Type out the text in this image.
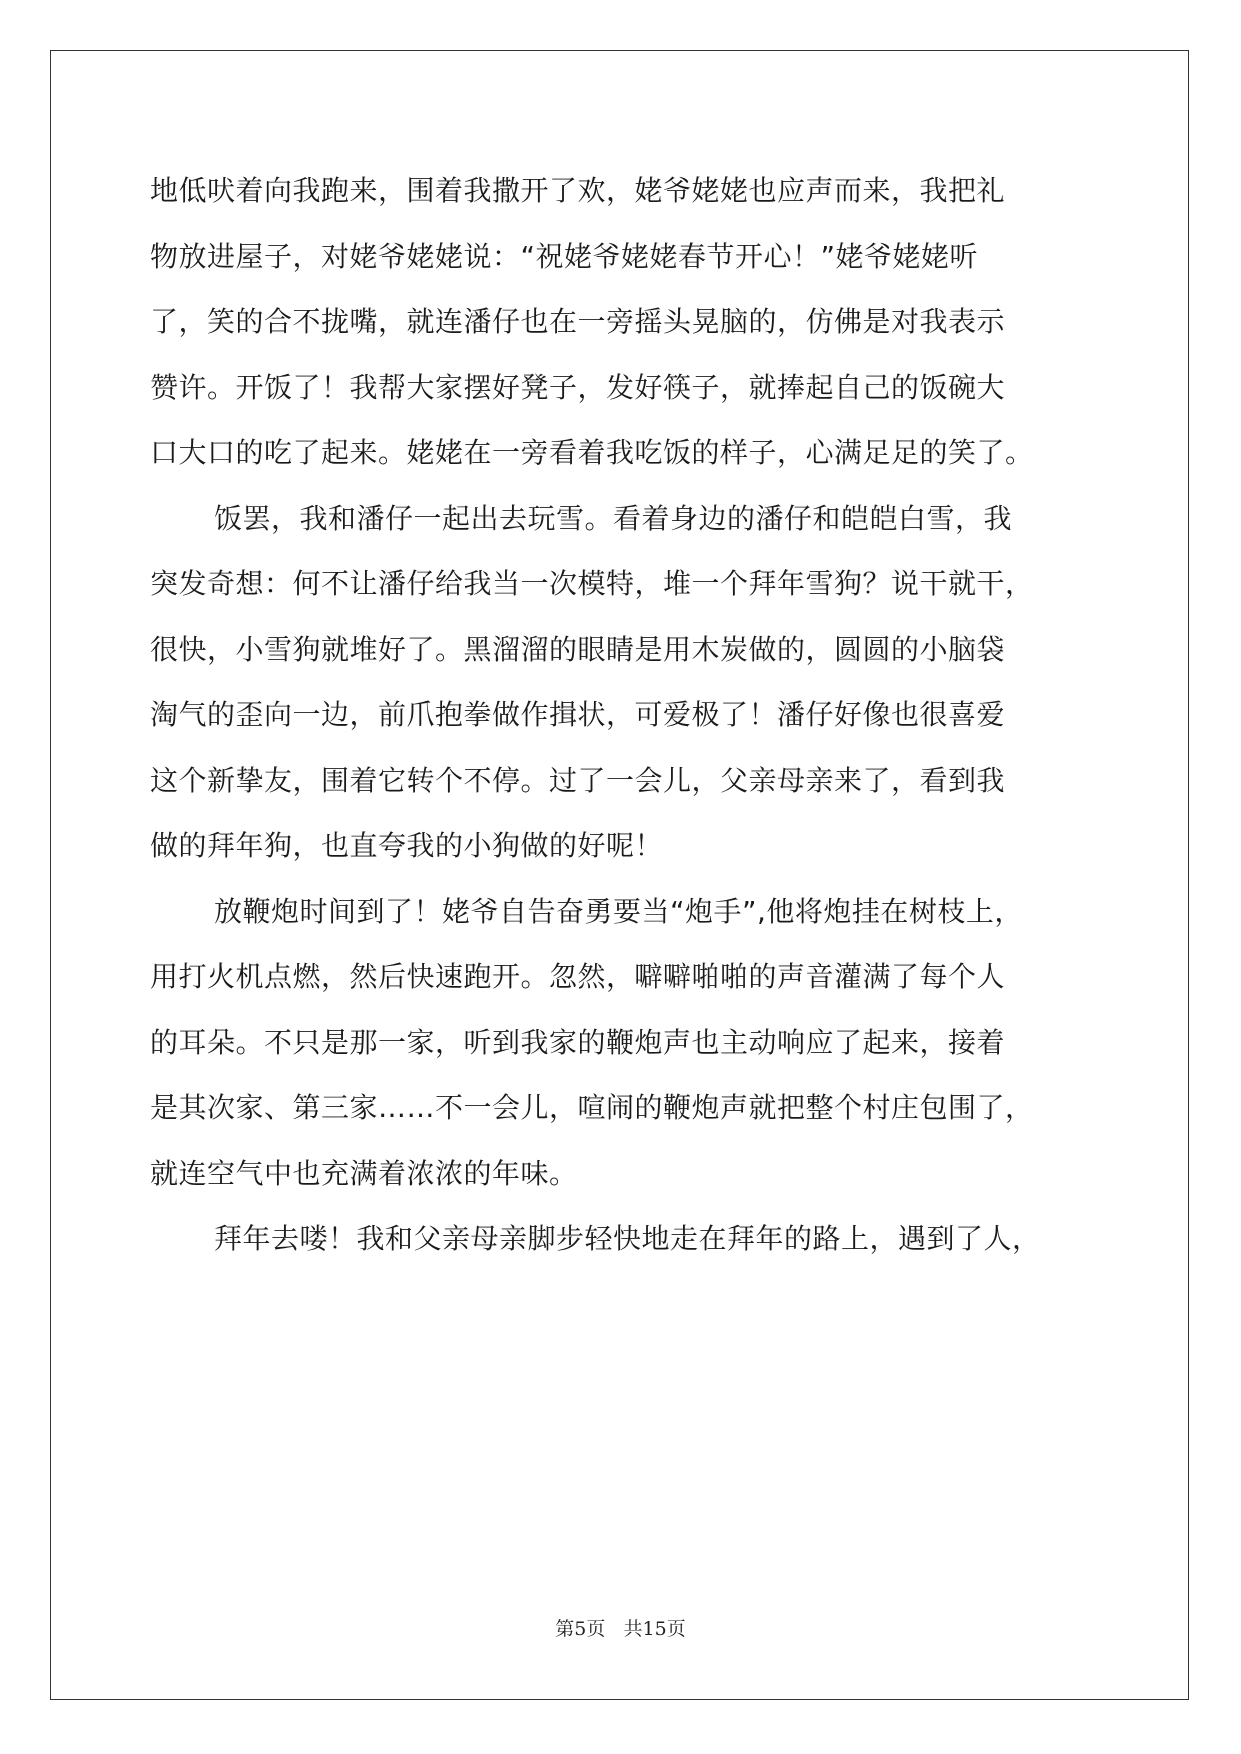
地低吠着向我跑来，围着我撒开了欢，姥爷姥姥也应声而来，我把礼
物放进屋子，对姥爷姥姥说：“祝姥爷姥姥春节开心！”姥爷姥姥听
了，笑的合不拢嘴，就连潘仔也在一旁摇头晃脑的，仿佛是对我表示
赞许。开饭了！我帮大家摆好凳子，发好筷子，就捧起自己的饭碗大
口大口的吃了起来。姥姥在一旁看着我吃饭的样子，心满足足的笑了。
饭罢，我和潘仔一起出去玩雪。看着身边的潘仔和皑皑白雪，我
突发奇想：何不让潘仔给我当一次模特，堆一个拜年雪狗？说干就干，
很快，小雪狗就堆好了。黑溜溜的眼睛是用木炭做的，圆圆的小脑袋
淘气的歪向一边，前爪抱拳做作揖状，可爱极了！潘仔好像也很喜爱
这个新挚友，围着它转个不停。过了一会儿，父亲母亲来了，看到我
做的拜年狗，也直夸我的小狗做的好呢！
放鞭炮时间到了！姥爷自告奋勇要当“炮手”,他将炮挂在树枝上，
用打火机点燃，然后快速跑开。忽然，噼噼啪啪的声音灌满了每个人
的耳朵。不只是那一家，听到我家的鞭炮声也主动响应了起来，接着
是其次家、第三家……不一会儿，喧闹的鞭炮声就把整个村庄包围了，
就连空气中也充满着浓浓的年味。
拜年去喽！我和父亲母亲脚步轻快地走在拜年的路上，遇到了人，
第5页 共15页
